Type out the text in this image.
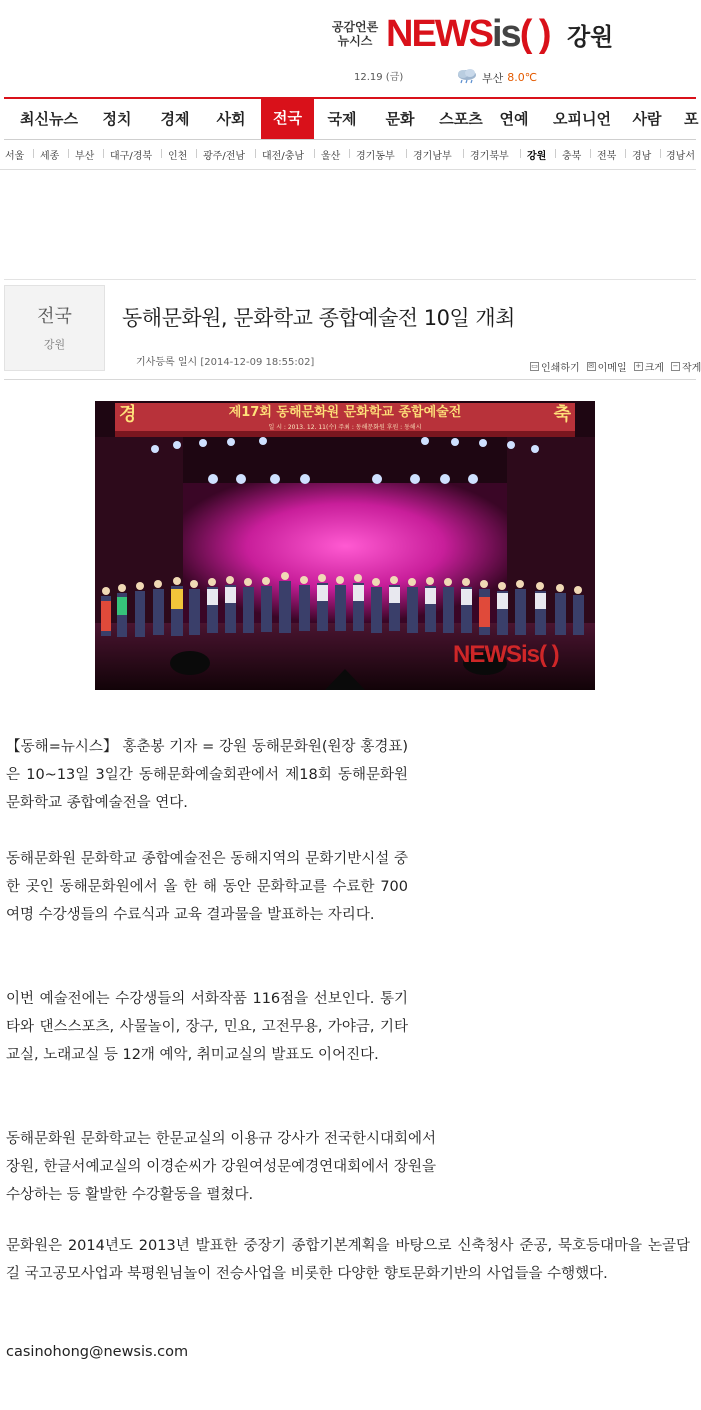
공감언론 뉴시스 NEWSis( ) 강원
12.19 (금)	부산 8.0℃
최신뉴스	정치	경제	사회	전국	국제	문화	스포츠	연예	오피니언	사람	포
서울 세종 부산 대구/경북 인천 광주/전남 대전/충남 울산 경기동부 경기남부 경기북부 강원 충북 전북 경남 경남서
전국
강원
동해문화원, 문화학교 종합예술전 10일 개최
기사등록 일시 [2014-12-09 18:55:02]	▭ 인쇄하기 ✉ 이메일 + 크게 − 작게
경	제17회 동해문화원 문화학교 종합예술전	축
일 시 : 2013. 12. 11(수) 주최 : 동해문화원 후원 : 동해시
NEWSis( )
【동해=뉴시스】 홍춘봉 기자 = 강원 동해문화원(원장 홍경표)은 10~13일 3일간 동해문화예술회관에서 제18회 동해문화원 문화학교 종합예술전을 연다.
동해문화원 문화학교 종합예술전은 동해지역의 문화기반시설 중 한 곳인 동해문화원에서 올 한 해 동안 문화학교를 수료한 700여명 수강생들의 수료식과 교육 결과물을 발표하는 자리다.
이번 예술전에는 수강생들의 서화작품 116점을 선보인다. 통기타와 댄스스포츠, 사물놀이, 장구, 민요, 고전무용, 가야금, 기타교실, 노래교실 등 12개 예악, 취미교실의 발표도 이어진다.
동해문화원 문화학교는 한문교실의 이용규 강사가 전국한시대회에서 장원, 한글서예교실의 이경순씨가 강원여성문예경연대회에서 장원을 수상하는 등 활발한 수강활동을 펼쳤다.
문화원은 2014년도 2013년 발표한 중장기 종합기본계획을 바탕으로 신축청사 준공, 묵호등대마을 논골담길 국고공모사업과 북평원님놀이 전승사업을 비롯한 다양한 향토문화기반의 사업들을 수행했다.
casinohong@newsis.com
